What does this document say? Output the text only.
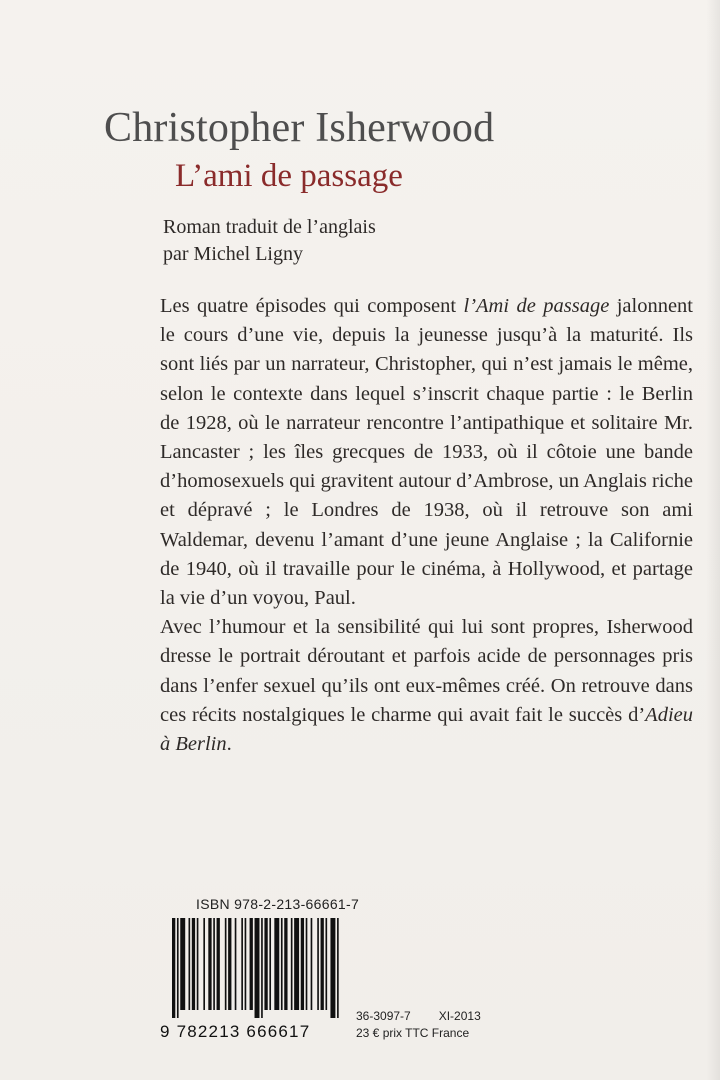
Christopher Isherwood
L’ami de passage
Roman traduit de l’anglais
par Michel Ligny

Les quatre épisodes qui composent l’Ami de passage jalonnent le cours d’une vie, depuis la jeunesse jusqu’à la maturité. Ils sont liés par un narrateur, Christopher, qui n’est jamais le même, selon le contexte dans lequel s’inscrit chaque partie : le Berlin de 1928, où le narrateur rencontre l’antipathique et solitaire Mr. Lancaster ; les îles grecques de 1933, où il côtoie une bande d’homosexuels qui gravitent autour d’Ambrose, un Anglais riche et dépravé ; le Londres de 1938, où il retrouve son ami Waldemar, devenu l’amant d’une jeune Anglaise ; la Californie de 1940, où il travaille pour le cinéma, à Hollywood, et partage la vie d’un voyou, Paul.

Avec l’humour et la sensibilité qui lui sont propres, Isherwood dresse le portrait déroutant et parfois acide de personnages pris dans l’enfer sexuel qu’ils ont eux-mêmes créé. On retrouve dans ces récits nostalgiques le charme qui avait fait le succès d’Adieu à Berlin.

ISBN 978-2-213-66661-7
9 782213 666617
36-3097-7 XI-2013
23 € prix TTC France
